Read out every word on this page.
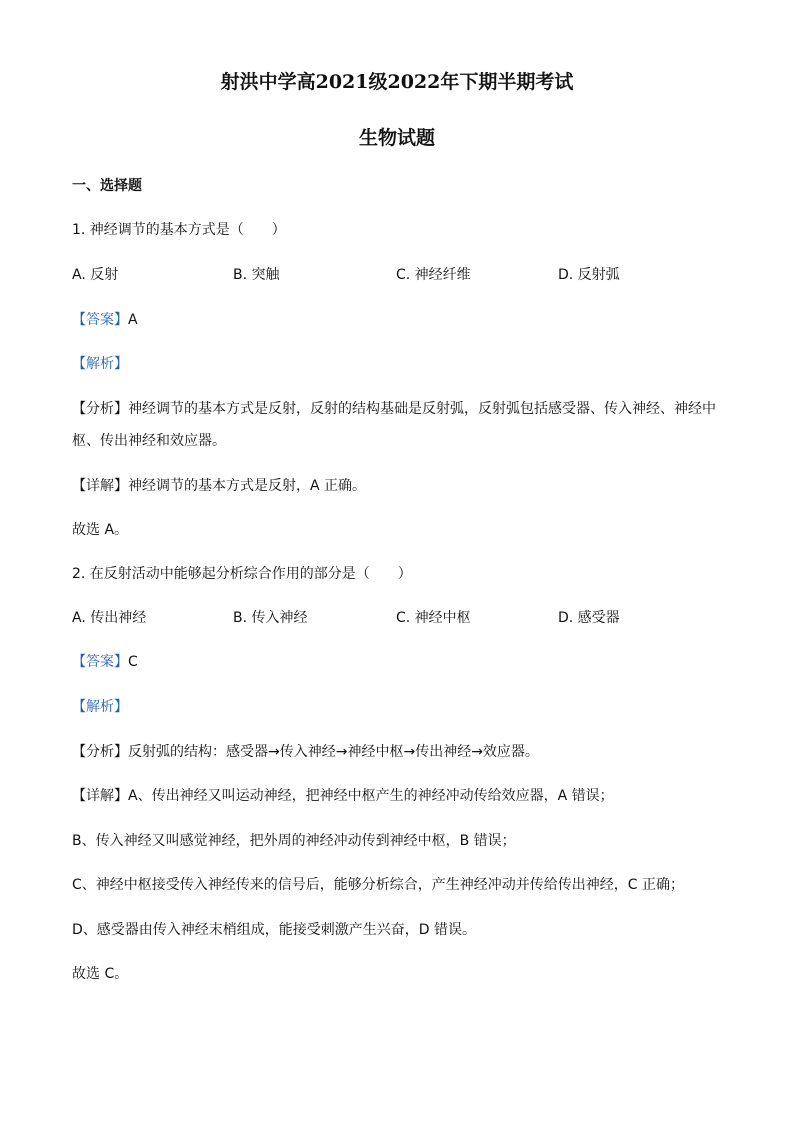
射洪中学高2021级2022年下期半期考试
生物试题
一、选择题
1. 神经调节的基本方式是（　　）
A. 反射	B. 突触	C. 神经纤维	D. 反射弧
【答案】A
【解析】
【分析】神经调节的基本方式是反射，反射的结构基础是反射弧，反射弧包括感受器、传入神经、神经中
枢、传出神经和效应器。
【详解】神经调节的基本方式是反射，A 正确。
故选 A。
2. 在反射活动中能够起分析综合作用的部分是（　　）
A. 传出神经	B. 传入神经	C. 神经中枢	D. 感受器
【答案】C
【解析】
【分析】反射弧的结构：感受器→传入神经→神经中枢→传出神经→效应器。
【详解】A、传出神经又叫运动神经，把神经中枢产生的神经冲动传给效应器，A 错误；
B、传入神经又叫感觉神经，把外周的神经冲动传到神经中枢，B 错误；
C、神经中枢接受传入神经传来的信号后，能够分析综合，产生神经冲动并传给传出神经，C 正确；
D、感受器由传入神经末梢组成，能接受刺激产生兴奋，D 错误。
故选 C。
